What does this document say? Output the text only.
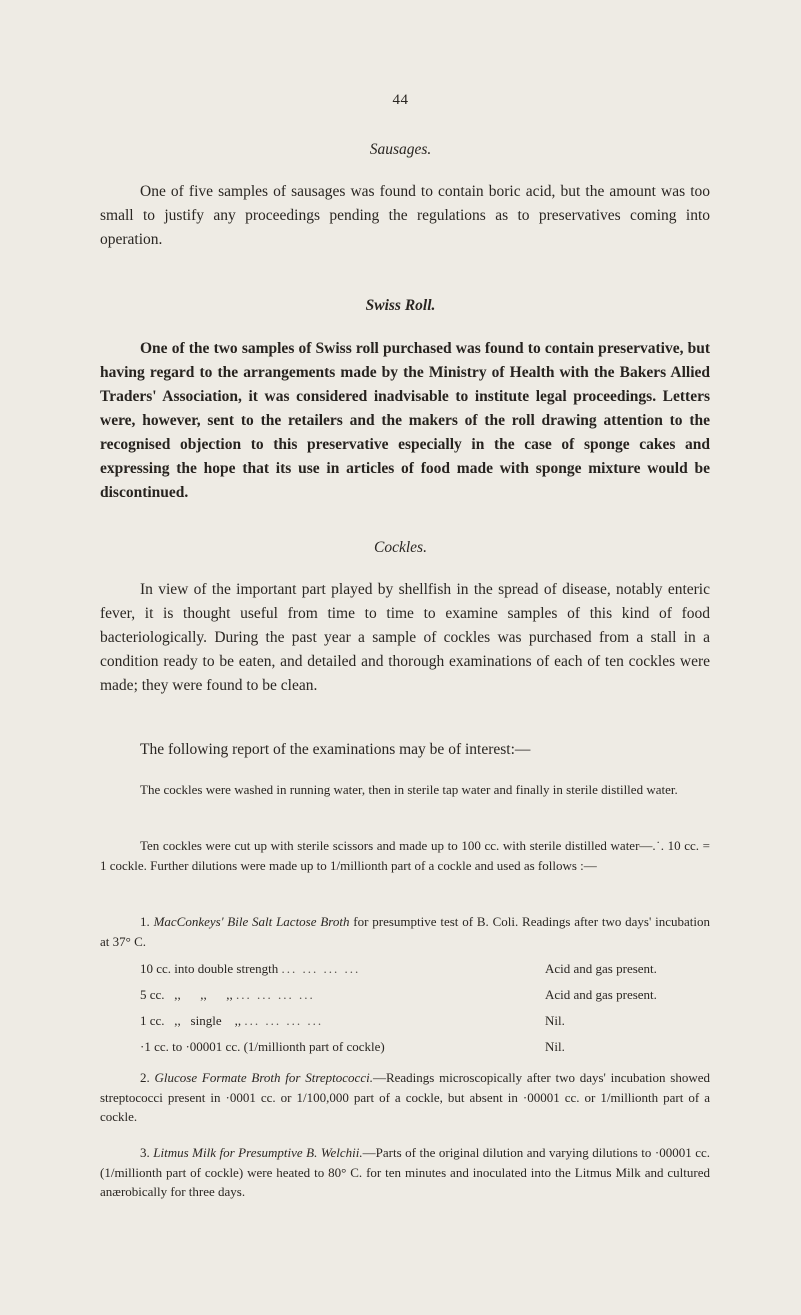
44
Sausages.

One of five samples of sausages was found to contain boric acid, but the amount was too small to justify any proceedings pending the regulations as to preservatives coming into operation.

Swiss Roll.

One of the two samples of Swiss roll purchased was found to contain preservative, but having regard to the arrangements made by the Ministry of Health with the Bakers Allied Traders' Association, it was considered inadvisable to institute legal proceedings. Letters were, however, sent to the retailers and the makers of the roll drawing attention to the recognised objection to this preservative especially in the case of sponge cakes and expressing the hope that its use in articles of food made with sponge mixture would be discontinued.

Cockles.

In view of the important part played by shellfish in the spread of disease, notably enteric fever, it is thought useful from time to time to examine samples of this kind of food bacteriologically. During the past year a sample of cockles was purchased from a stall in a condition ready to be eaten, and detailed and thorough examinations of each of ten cockles were made; they were found to be clean.

The following report of the examinations may be of interest:—

The cockles were washed in running water, then in sterile tap water and finally in sterile distilled water.

Ten cockles were cut up with sterile scissors and made up to 100 cc. with sterile distilled water—.˙. 10 cc. = 1 cockle. Further dilutions were made up to 1/millionth part of a cockle and used as follows :—

1. MacConkeys' Bile Salt Lactose Broth for presumptive test of B. Coli. Readings after two days' incubation at 37° C.

10 cc. into double strength ... ... ... ...	Acid and gas present.
5 cc.   ,,      ,,      ,, ... ... ... ...	Acid and gas present.
1 cc.   ,,   single    ,, ... ... ... ...	Nil.
·1 cc. to ·00001 cc. (1/millionth part of cockle)	Nil.

2. Glucose Formate Broth for Streptococci.—Readings microscopically after two days' incubation showed streptococci present in ·0001 cc. or 1/100,000 part of a cockle, but absent in ·00001 cc. or 1/millionth part of a cockle.

3. Litmus Milk for Presumptive B. Welchii.—Parts of the original dilution and varying dilutions to ·00001 cc. (1/millionth part of cockle) were heated to 80° C. for ten minutes and inoculated into the Litmus Milk and cultured anærobically for three days.
